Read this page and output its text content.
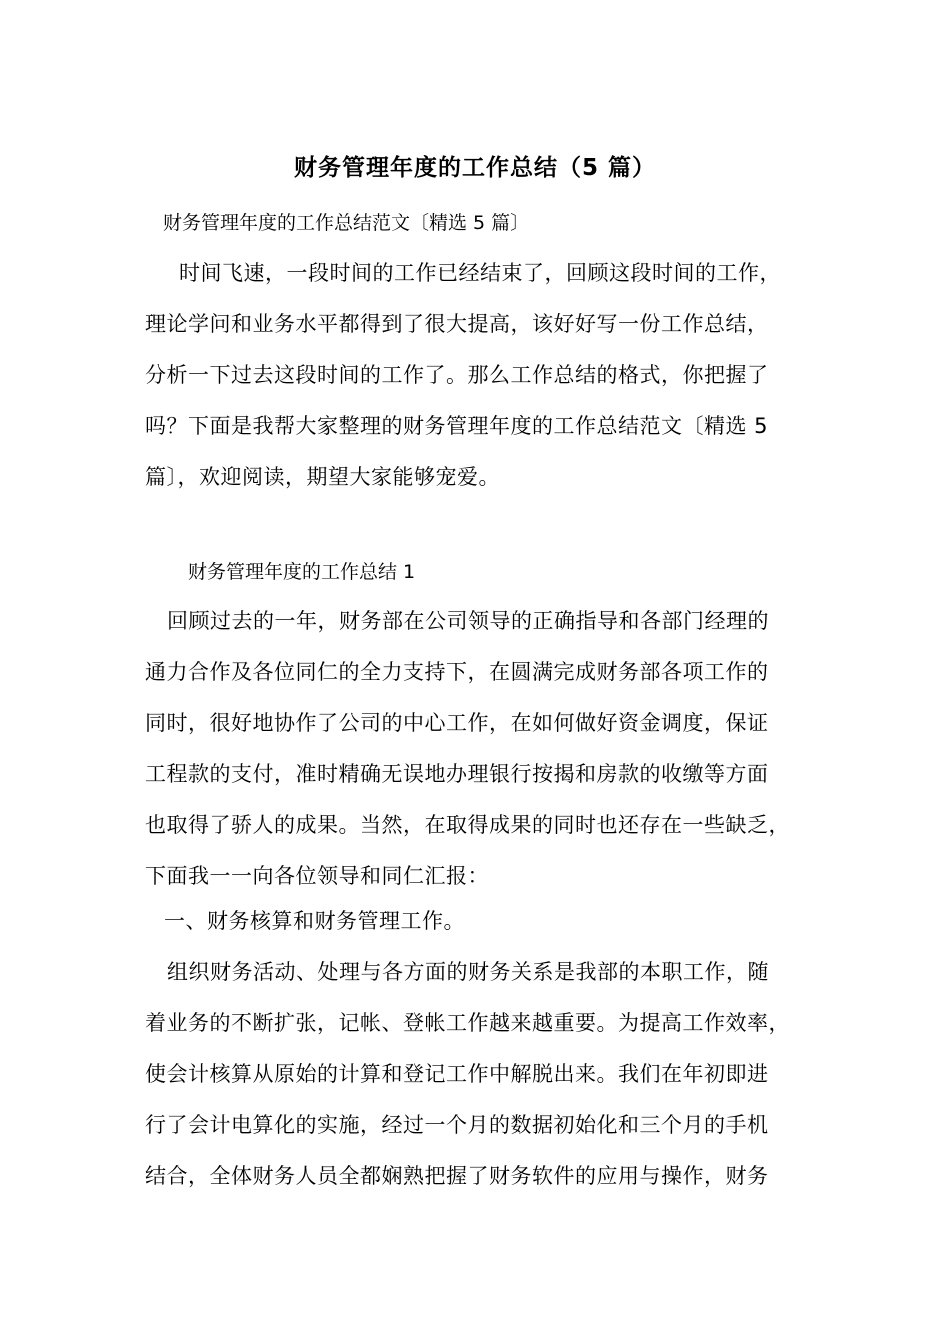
财务管理年度的工作总结（5 篇）
财务管理年度的工作总结范文〔精选 5 篇〕
时间飞速，一段时间的工作已经结束了，回顾这段时间的工作，
理论学问和业务水平都得到了很大提高，该好好写一份工作总结，
分析一下过去这段时间的工作了。那么工作总结的格式，你把握了
吗？下面是我帮大家整理的财务管理年度的工作总结范文〔精选 5
篇〕，欢迎阅读，期望大家能够宠爱。
财务管理年度的工作总结 1
回顾过去的一年，财务部在公司领导的正确指导和各部门经理的
通力合作及各位同仁的全力支持下，在圆满完成财务部各项工作的
同时，很好地协作了公司的中心工作，在如何做好资金调度，保证
工程款的支付，准时精确无误地办理银行按揭和房款的收缴等方面
也取得了骄人的成果。当然，在取得成果的同时也还存在一些缺乏，
下面我一一向各位领导和同仁汇报：
一、财务核算和财务管理工作。
组织财务活动、处理与各方面的财务关系是我部的本职工作，随
着业务的不断扩张，记帐、登帐工作越来越重要。为提高工作效率，
使会计核算从原始的计算和登记工作中解脱出来。我们在年初即进
行了会计电算化的实施，经过一个月的数据初始化和三个月的手机
结合，全体财务人员全都娴熟把握了财务软件的应用与操作，财务
